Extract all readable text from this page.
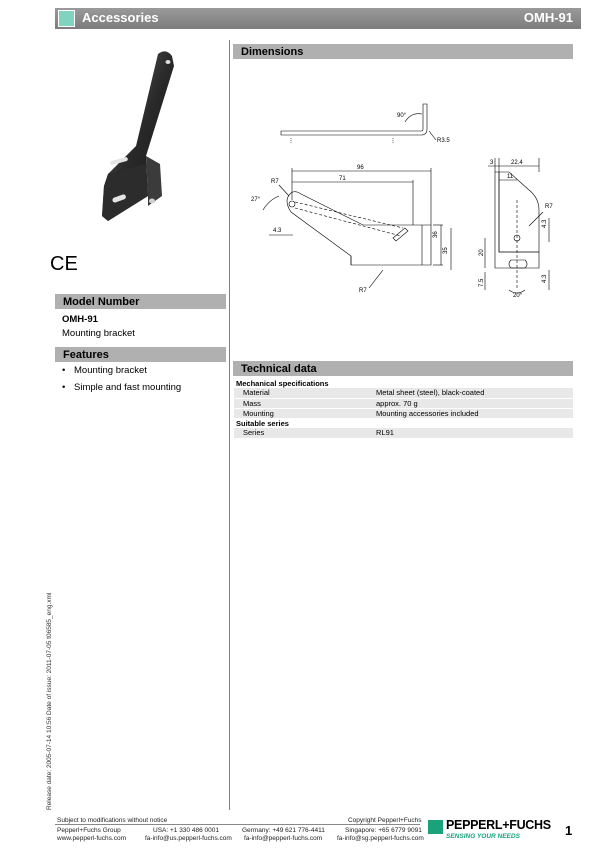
Accessories	OMH-91
CE
Model Number
OMH-91
Mounting bracket
Features
• Mounting bracket
• Simple and fast mounting
Dimensions
90°
R3.5
96
71
R7
27°
4.3
36
35
R7
3	22.4
11
R7
4.3
20
4.3
7.5
20°
Technical data
Mechanical specifications	
Material	Metal sheet (steel), black-coated
Mass	approx. 70 g
Mounting	Mounting accessories included
Suitable series	
Series	RL91
Release date: 2005-07-14 10:56 Date of issue: 2011-07-05 t06585_eng.xml
Subject to modifications without notice	Copyright Pepperl+Fuchs
Pepperl+Fuchs Group
www.pepperl-fuchs.com
USA: +1 330 486 0001
fa-info@us.pepperl-fuchs.com
Germany: +49 621 776-4411
fa-info@pepperl-fuchs.com
Singapore: +65 6779 9091
fa-info@sg.pepperl-fuchs.com
PEPPERL+FUCHS
SENSING YOUR NEEDS	1
